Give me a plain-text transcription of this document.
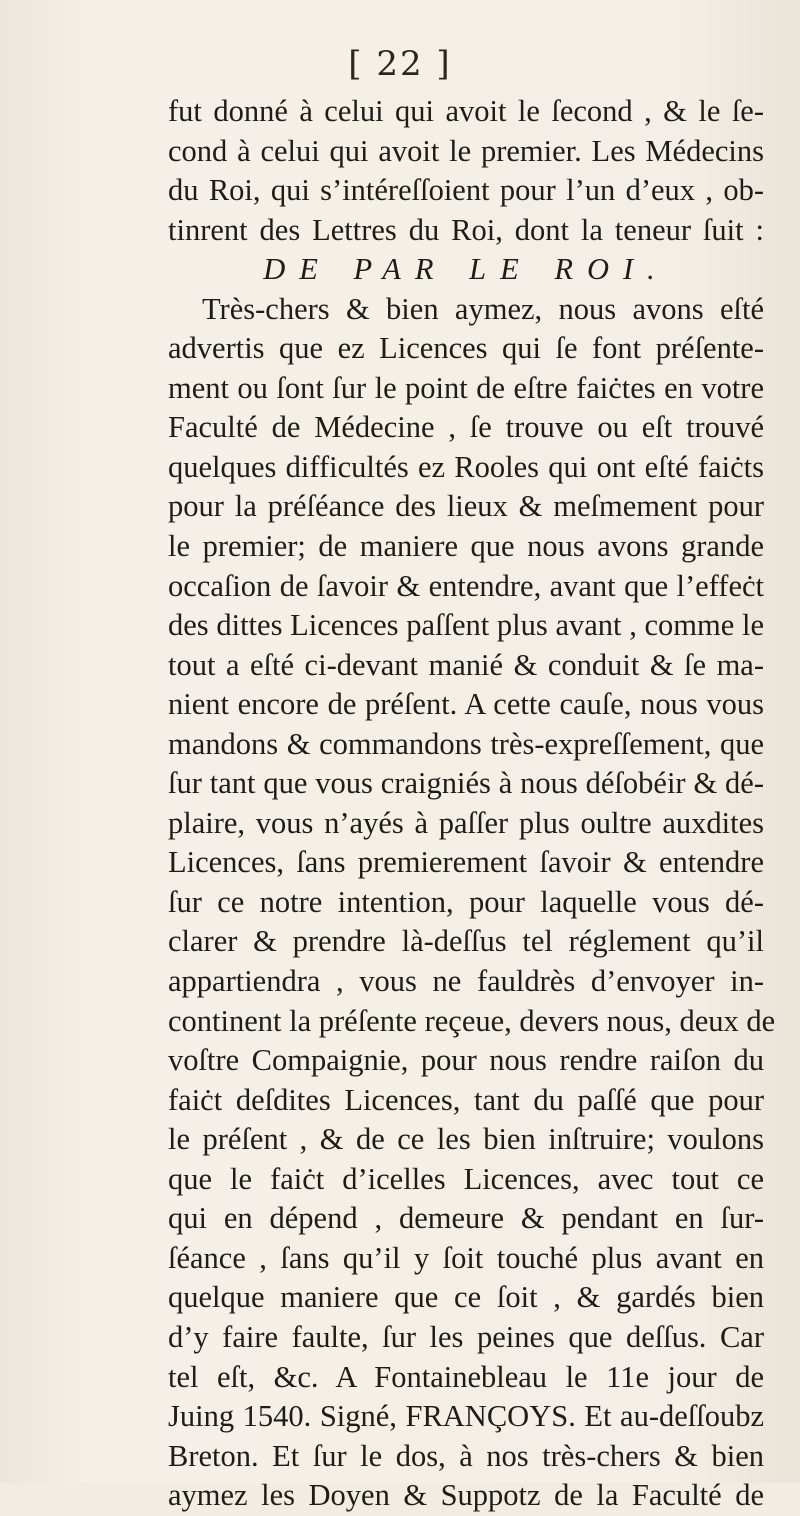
[ 22 ]
fut donné à celui qui avoit le ſecond , & le ſe-
cond à celui qui avoit le premier. Les Médecins
du Roi, qui s’intéreſſoient pour l’un d’eux , ob-
tinrent des Lettres du Roi, dont la teneur ſuit :
DE PAR LE ROI.
Très-chers & bien aymez, nous avons eſté
advertis que ez Licences qui ſe font préſente-
ment ou ſont ſur le point de eſtre faiċtes en votre
Faculté de Médecine , ſe trouve ou eſt trouvé
quelques difficultés ez Rooles qui ont eſté faiċts
pour la préſéance des lieux & meſmement pour
le premier; de maniere que nous avons grande
occaſion de ſavoir & entendre, avant que l’effeċt
des dittes Licences paſſent plus avant , comme le
tout a eſté ci-devant manié & conduit & ſe ma-
nient encore de préſent. A cette cauſe, nous vous
mandons & commandons très-expreſſement, que
ſur tant que vous craigniés à nous déſobéir & dé-
plaire, vous n’ayés à paſſer plus oultre auxdites
Licences, ſans premierement ſavoir & entendre
ſur ce notre intention, pour laquelle vous dé-
clarer & prendre là-deſſus tel réglement qu’il
appartiendra , vous ne fauldrès d’envoyer in-
continent la préſente reçeue, devers nous, deux de
voſtre Compaignie, pour nous rendre raiſon du
faiċt deſdites Licences, tant du paſſé que pour
le préſent , & de ce les bien inſtruire; voulons
que le faiċt d’icelles Licences, avec tout ce
qui en dépend , demeure & pendant en ſur-
ſéance , ſans qu’il y ſoit touché plus avant en
quelque maniere que ce ſoit , & gardés bien
d’y faire faulte, ſur les peines que deſſus. Car
tel eſt, &c. A Fontainebleau le 11e jour de
Juing 1540. Signé, FRANÇOYS. Et au-deſſoubz
Breton. Et ſur le dos, à nos très-chers & bien
aymez les Doyen & Suppotz de la Faculté de
